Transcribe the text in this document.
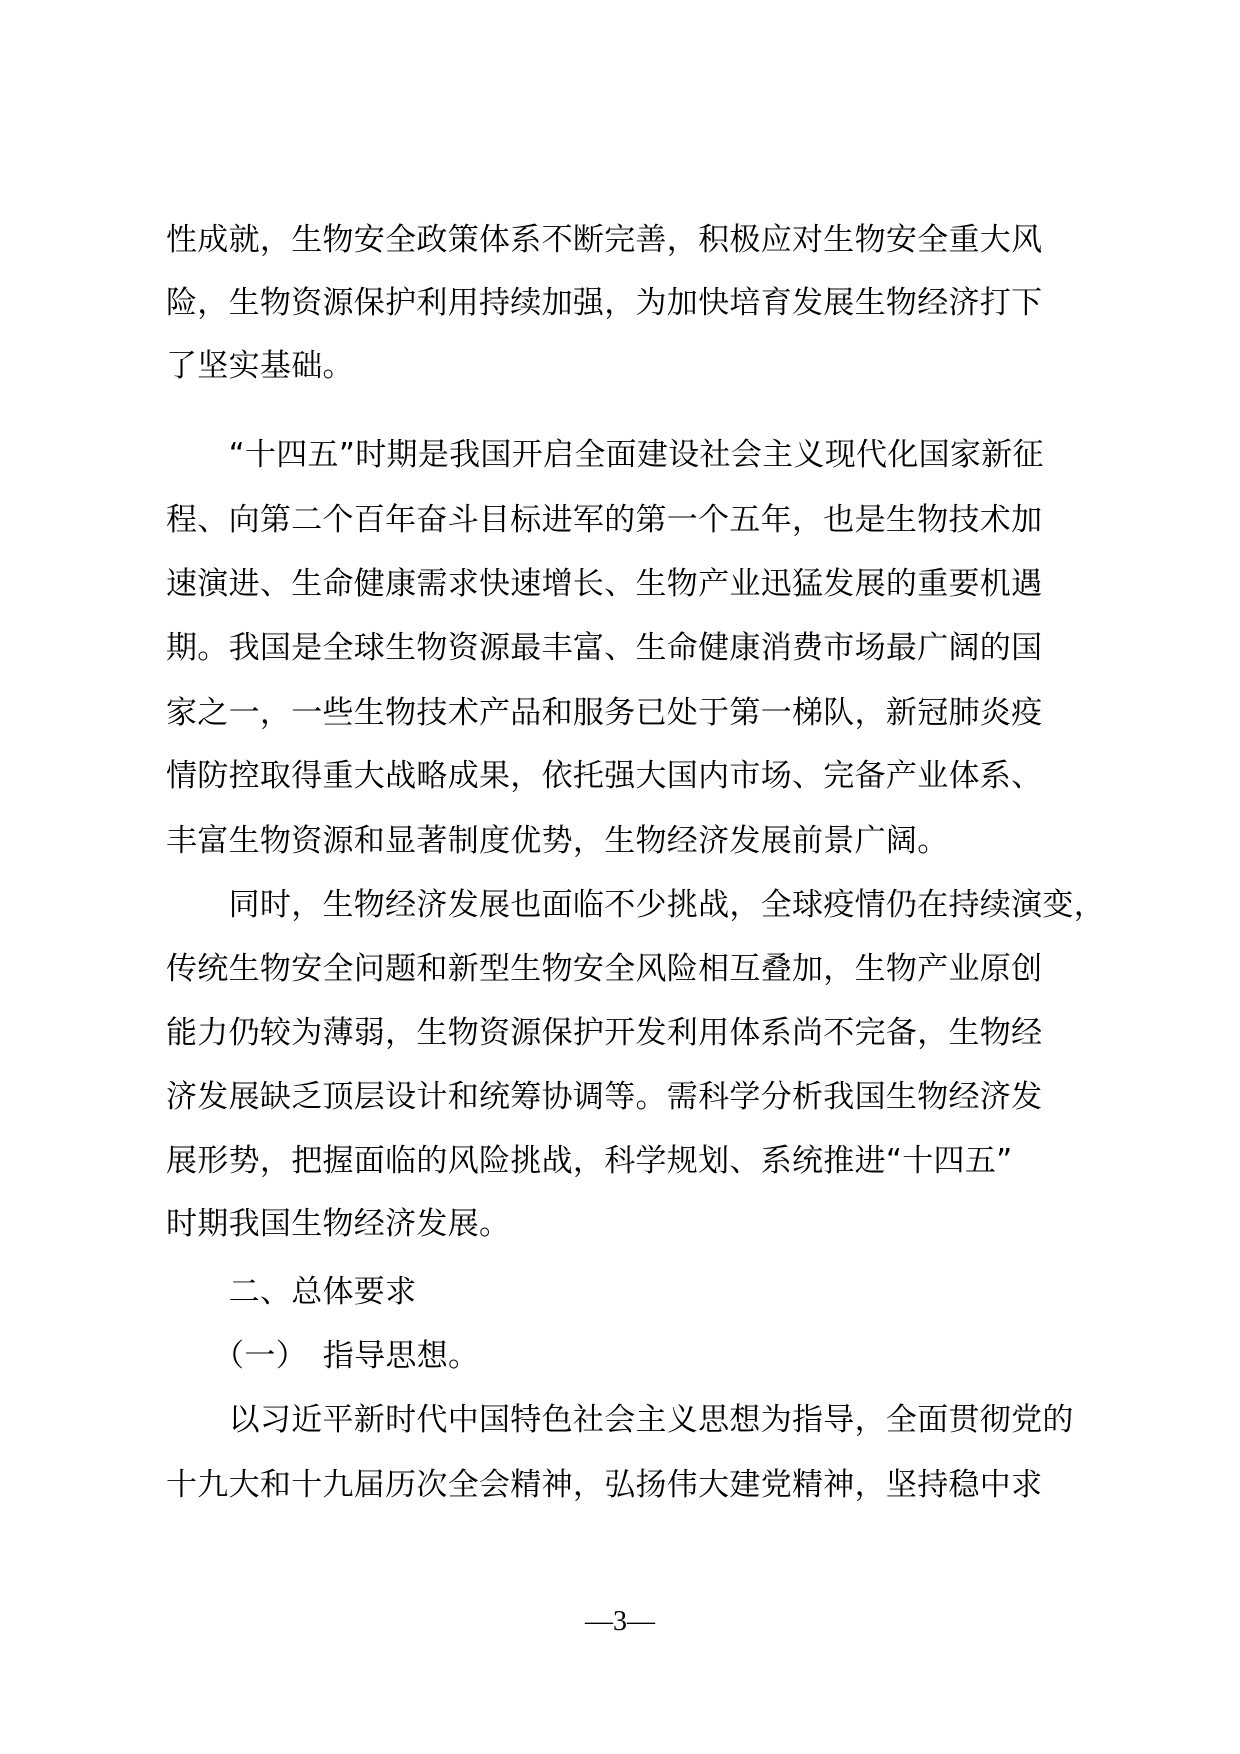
性成就，生物安全政策体系不断完善，积极应对生物安全重大风
险，生物资源保护利用持续加强，为加快培育发展生物经济打下
了坚实基础。
　　“十四五”时期是我国开启全面建设社会主义现代化国家新征
程、向第二个百年奋斗目标进军的第一个五年，也是生物技术加
速演进、生命健康需求快速增长、生物产业迅猛发展的重要机遇
期。我国是全球生物资源最丰富、生命健康消费市场最广阔的国
家之一，一些生物技术产品和服务已处于第一梯队，新冠肺炎疫
情防控取得重大战略成果，依托强大国内市场、完备产业体系、
丰富生物资源和显著制度优势，生物经济发展前景广阔。
　　同时，生物经济发展也面临不少挑战，全球疫情仍在持续演变，
传统生物安全问题和新型生物安全风险相互叠加，生物产业原创
能力仍较为薄弱，生物资源保护开发利用体系尚不完备，生物经
济发展缺乏顶层设计和统筹协调等。需科学分析我国生物经济发
展形势，把握面临的风险挑战，科学规划、系统推进“十四五”
时期我国生物经济发展。
　　二、总体要求
　　（一）　指导思想。
　　以习近平新时代中国特色社会主义思想为指导，全面贯彻党的
十九大和十九届历次全会精神，弘扬伟大建党精神，坚持稳中求
—3—
